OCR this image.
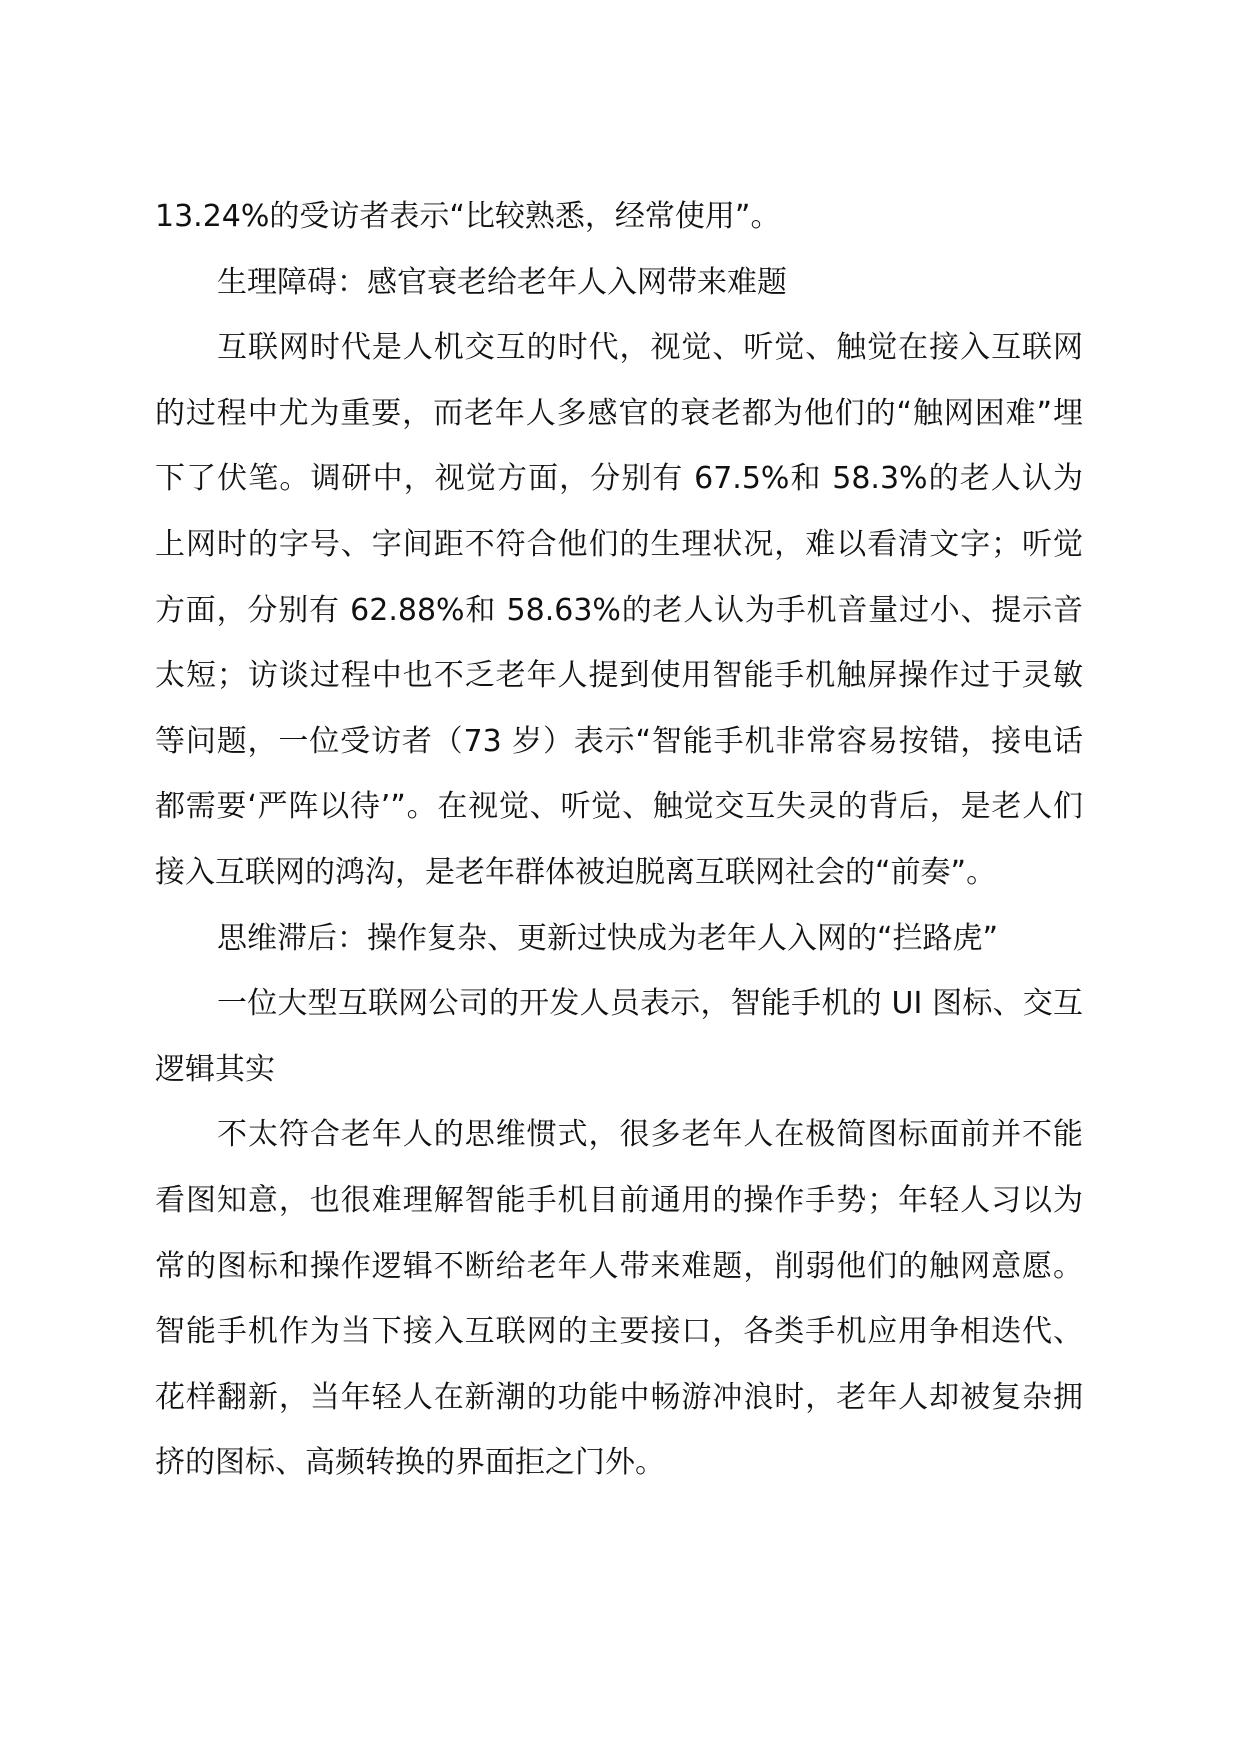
13.24%的受访者表示“比较熟悉，经常使用”。

生理障碍：感官衰老给老年人入网带来难题

互联网时代是人机交互的时代，视觉、听觉、触觉在接入互联网的过程中尤为重要，而老年人多感官的衰老都为他们的“触网困难”埋下了伏笔。调研中，视觉方面，分别有 67.5%和 58.3%的老人认为上网时的字号、字间距不符合他们的生理状况，难以看清文字；听觉方面，分别有 62.88%和 58.63%的老人认为手机音量过小、提示音太短；访谈过程中也不乏老年人提到使用智能手机触屏操作过于灵敏等问题，一位受访者（73 岁）表示“智能手机非常容易按错，接电话都需要‘严阵以待’”。在视觉、听觉、触觉交互失灵的背后，是老人们接入互联网的鸿沟，是老年群体被迫脱离互联网社会的“前奏”。

思维滞后：操作复杂、更新过快成为老年人入网的“拦路虎”

一位大型互联网公司的开发人员表示，智能手机的 UI 图标、交互逻辑其实

不太符合老年人的思维惯式，很多老年人在极简图标面前并不能看图知意，也很难理解智能手机目前通用的操作手势；年轻人习以为常的图标和操作逻辑不断给老年人带来难题，削弱他们的触网意愿。智能手机作为当下接入互联网的主要接口，各类手机应用争相迭代、花样翻新，当年轻人在新潮的功能中畅游冲浪时，老年人却被复杂拥挤的图标、高频转换的界面拒之门外。
